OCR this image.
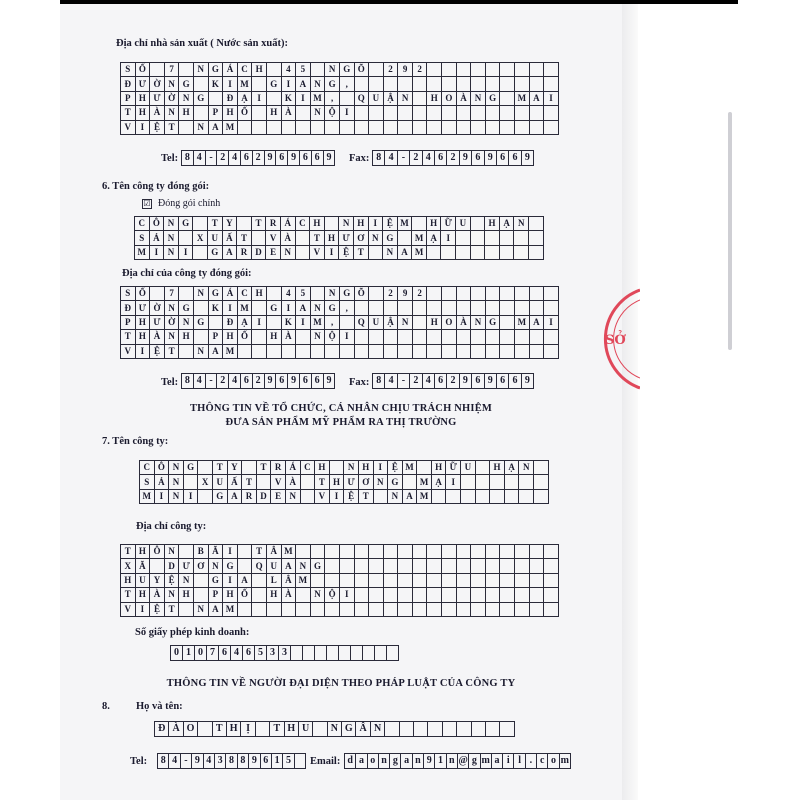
Địa chỉ nhà sản xuất ( Nước sản xuất):
S Ố	7	N G Á C H	4	5	N G Õ	2	9	2
Đ Ư Ờ N G	K	I M	G	I	A N G	,
P H Ư Ờ N G	Đ Ạ	I	K	I M	,	Q U Ậ N	H O À N G	M A	I
T H À N H	P H Ố	H À	N Ộ	I
V	I	Ệ T	N A M
Tel: 8 4 - 2 4 6 2 9 6 9 6 6 9	Fax: 8 4 - 2 4 6 2 9 6 9 6 6 9
6. Tên công ty đóng gói:
☑ Đóng gói chính
C Ô N G	T Y	T R Á C H	N H	I	Ệ M	H Ữ U	H Ạ N
S Ả N	X U Ấ T	V À	T H Ư Ơ N G	M Ạ	I
M I	N	I	G A R D E N	V	I	Ệ T	N A M
Địa chỉ của công ty đóng gói:
S Ố	7	N G Á C H	4	5	N G Õ	2	9	2
Đ Ư Ờ N G	K	I M	G	I	A N G	,
P H Ư Ờ N G	Đ Ạ	I	K	I M	,	Q U Ậ N	H O À N G	M A	I
T H À N H	P H Ố	H À	N Ộ	I
V	I	Ệ T	N A M
Tel: 8 4 - 2 4 6 2 9 6 9 6 6 9	Fax: 8 4 - 2 4 6 2 9 6 9 6 6 9
THÔNG TIN VỀ TỔ CHỨC, CÁ NHÂN CHỊU TRÁCH NHIỆM
ĐƯA SẢN PHẨM MỸ PHẨM RA THỊ TRƯỜNG
7. Tên công ty:
C Ô N G	T Y	T R Á C H	N H	I	Ệ M	H Ữ U	H Ạ N
S Ả N	X U Ấ T	V À	T H Ư Ơ N G	M Ạ	I
M I	N	I	G A R D E N	V	I	Ệ T	N A M
Địa chỉ công ty:
T H Ô N	B Ã	I	T Â M
X Ã	D Ư Ơ N G	Q U A N G
H U Y Ệ N	G	I	A	L Â M
T H À N H	P H Ố	H À	N Ộ	I
V	I	Ệ T	N A M
Số giấy phép kinh doanh:
0 1 0 7 6 4 6 5 3 3
THÔNG TIN VỀ NGƯỜI ĐẠI DIỆN THEO PHÁP LUẬT CỦA CÔNG TY
8. Họ và tên:
Đ À O	T H Ị	T H U	N G Â N
Tel: 8 4 - 9 4 3 8 8 9 6 1 5	Email: d a o n g a n 9 1 n @ g m a i l . c o m
SỞ
